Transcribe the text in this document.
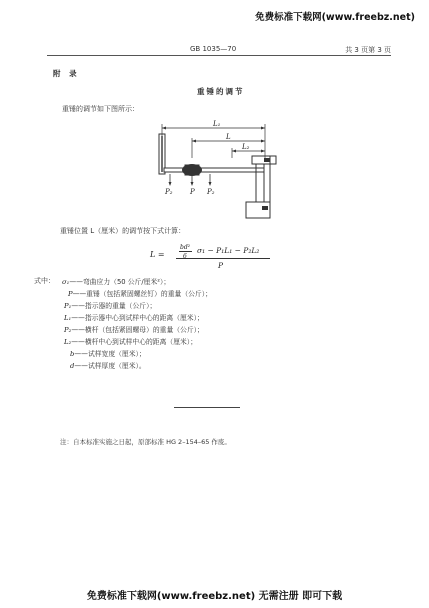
免费标准下载网(www.freebz.net)
GB 1035—70	共 3 页第 3 页
附 录
重锤的调节
重锤的调节如下图所示：
L₁
L
L₂
P₂ P P₂
重锤位置 L（厘米）的调节按下式计算：
L =
bd²
6
σ₁ − P₁L₁ − P₂L₂
P
式中： σ₁——弯曲应力（50 公斤/厘米²）；
P——重锤（包括紧固螺丝钉）的重量（公斤）；
P₁——指示器的重量（公斤）；
L₁——指示器中心到试样中心的距离（厘米）；
P₂——横杆（包括紧固螺母）的重量（公斤）；
L₂——横杆中心到试样中心的距离（厘米）；
b——试样宽度（厘米）；
d——试样厚度（厘米）。
注：自本标准实施之日起，原部标准 HG 2–154–65 作废。
免费标准下载网(www.freebz.net) 无需注册 即可下载
